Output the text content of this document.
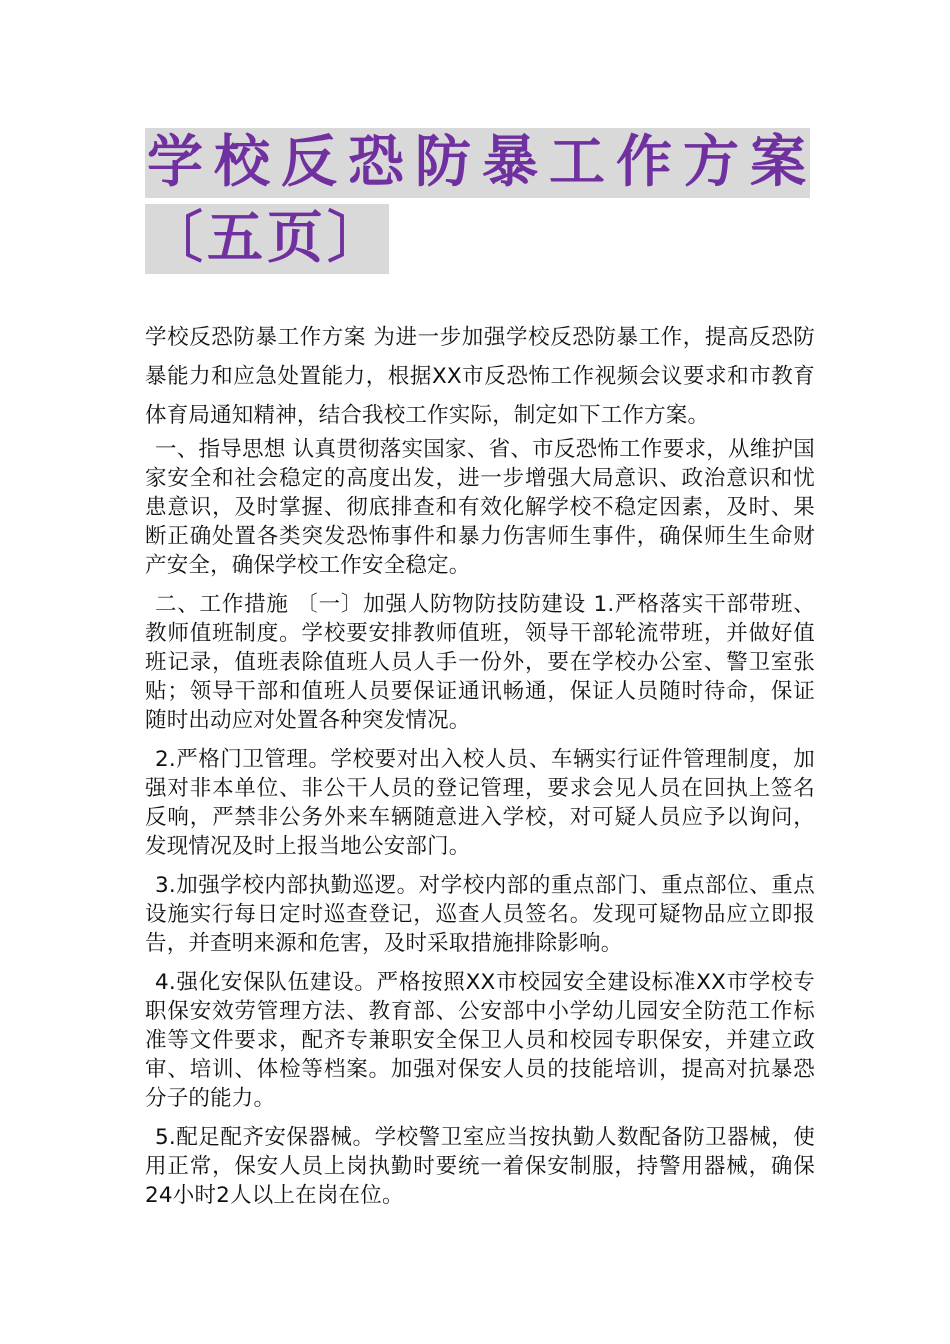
学校反恐防暴工作方案
〔五页〕

学校反恐防暴工作方案 为进一步加强学校反恐防暴工作，提高反恐防暴能力和应急处置能力，根据XX市反恐怖工作视频会议要求和市教育体育局通知精神，结合我校工作实际，制定如下工作方案。

一、指导思想 认真贯彻落实国家、省、市反恐怖工作要求，从维护国家安全和社会稳定的高度出发，进一步增强大局意识、政治意识和忧患意识，及时掌握、彻底排查和有效化解学校不稳定因素，及时、果断正确处置各类突发恐怖事件和暴力伤害师生事件，确保师生生命财产安全，确保学校工作安全稳定。

二、工作措施 〔一〕加强人防物防技防建设 1.严格落实干部带班、教师值班制度。学校要安排教师值班，领导干部轮流带班，并做好值班记录，值班表除值班人员人手一份外，要在学校办公室、警卫室张贴；领导干部和值班人员要保证通讯畅通，保证人员随时待命，保证随时出动应对处置各种突发情况。

2.严格门卫管理。学校要对出入校人员、车辆实行证件管理制度，加强对非本单位、非公干人员的登记管理，要求会见人员在回执上签名反响，严禁非公务外来车辆随意进入学校，对可疑人员应予以询问，发现情况及时上报当地公安部门。

3.加强学校内部执勤巡逻。对学校内部的重点部门、重点部位、重点设施实行每日定时巡查登记，巡查人员签名。发现可疑物品应立即报告，并查明来源和危害，及时采取措施排除影响。

4.强化安保队伍建设。严格按照XX市校园安全建设标准XX市学校专职保安效劳管理方法、教育部、公安部中小学幼儿园安全防范工作标准等文件要求，配齐专兼职安全保卫人员和校园专职保安，并建立政审、培训、体检等档案。加强对保安人员的技能培训，提高对抗暴恐分子的能力。

5.配足配齐安保器械。学校警卫室应当按执勤人数配备防卫器械，使用正常，保安人员上岗执勤时要统一着保安制服，持警用器械，确保24小时2人以上在岗在位。
